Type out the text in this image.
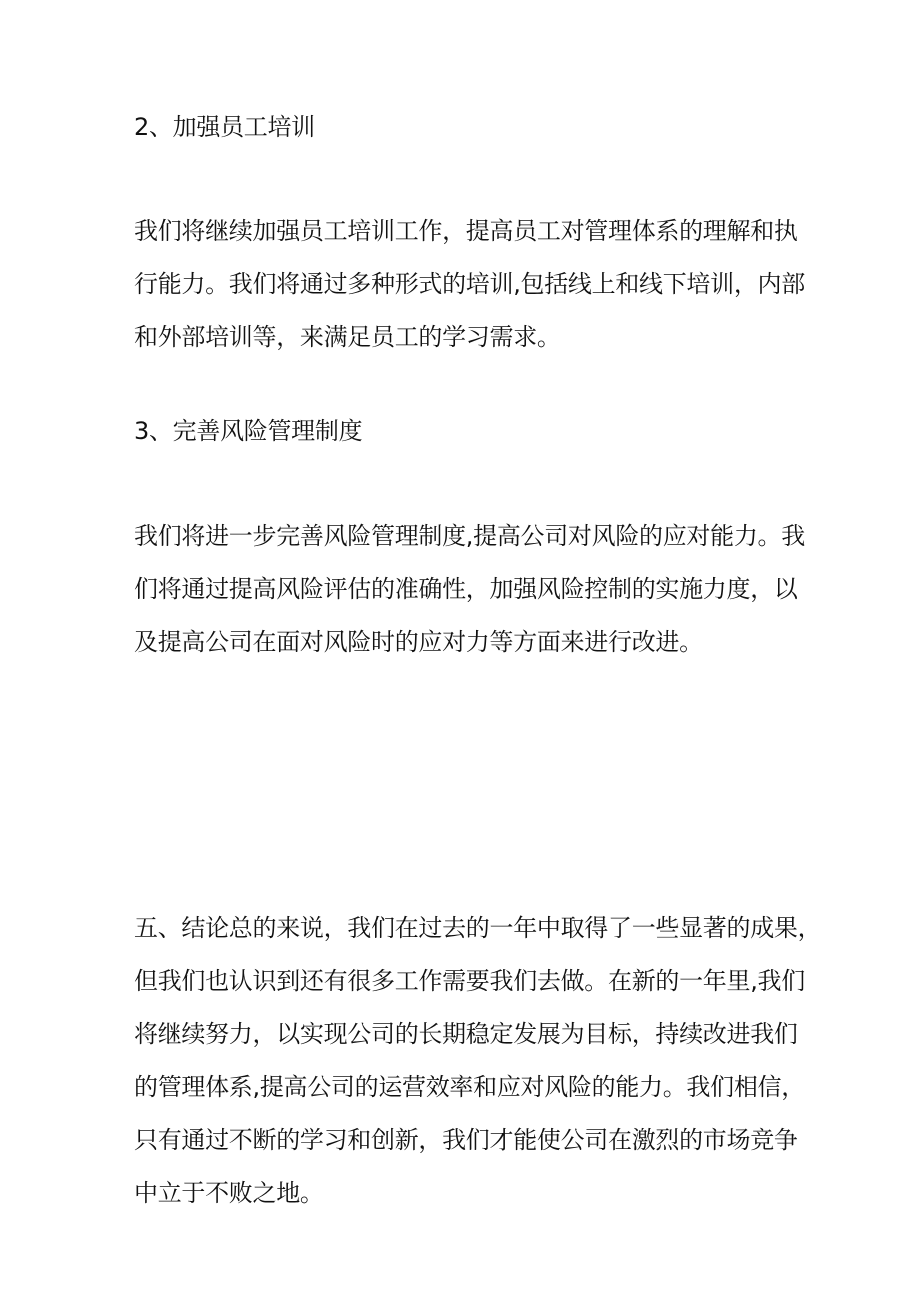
2、加强员工培训

我们将继续加强员工培训工作，提高员工对管理体系的理解和执
行能力。我们将通过多种形式的培训,包括线上和线下培训，内部
和外部培训等，来满足员工的学习需求。

3、完善风险管理制度

我们将进一步完善风险管理制度,提高公司对风险的应对能力。我
们将通过提高风险评估的准确性，加强风险控制的实施力度，以
及提高公司在面对风险时的应对力等方面来进行改进。

五、结论总的来说，我们在过去的一年中取得了一些显著的成果，
但我们也认识到还有很多工作需要我们去做。在新的一年里,我们
将继续努力，以实现公司的长期稳定发展为目标，持续改进我们
的管理体系,提高公司的运营效率和应对风险的能力。我们相信，
只有通过不断的学习和创新，我们才能使公司在激烈的市场竞争
中立于不败之地。
